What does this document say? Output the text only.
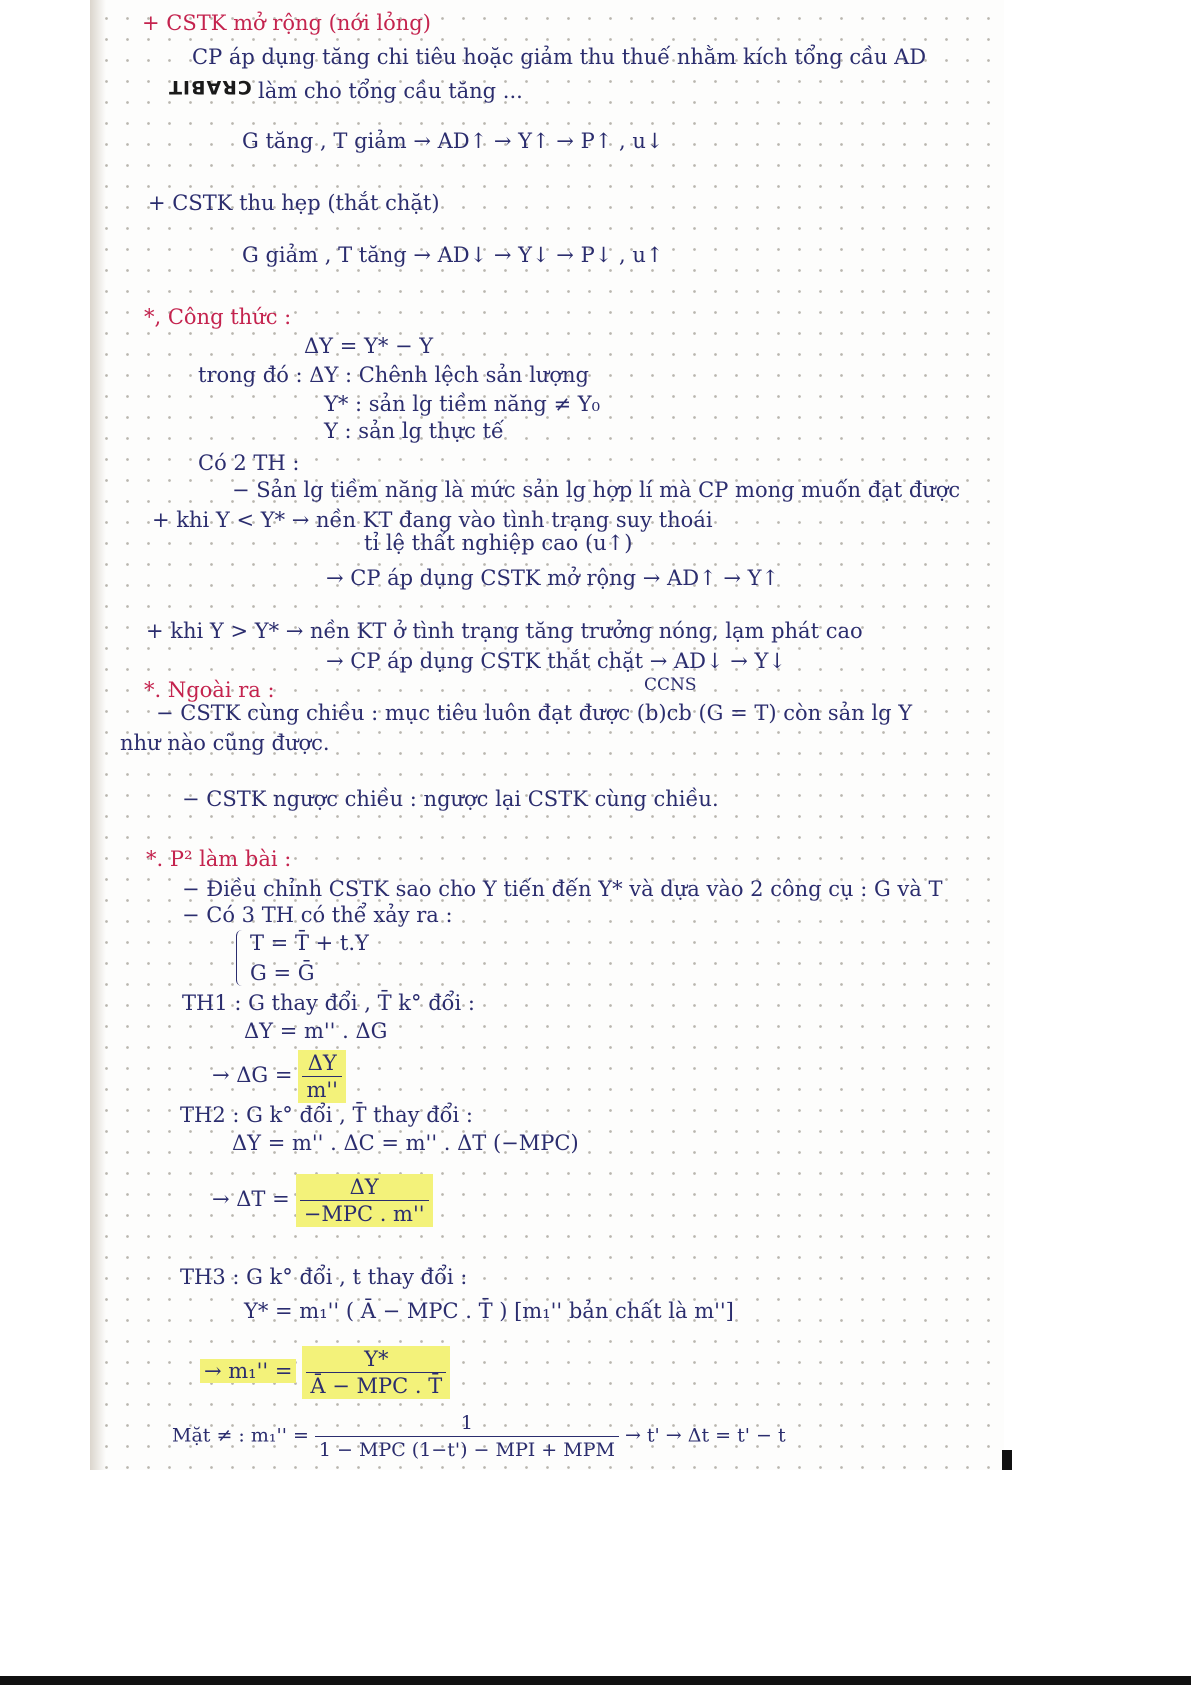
CRABIT
+ CSTK mở rộng (nới lỏng)
CP áp dụng tăng chi tiêu hoặc giảm thu thuế nhằm kích tổng cầu AD
làm cho tổng cầu tăng ...
G tăng , T giảm → AD↑ → Y↑ → P↑ , u↓
+ CSTK thu hẹp (thắt chặt)
G giảm , T tăng → AD↓ → Y↓ → P↓ , u↑
*, Công thức :
ΔY = Y* − Y
trong đó : ΔY : Chênh lệch sản lượng
Y* : sản lg tiềm năng ≠ Y₀
Y : sản lg thực tế
Có 2 TH :
− Sản lg tiềm năng là mức sản lg hợp lí mà CP mong muốn đạt được
+ khi Y < Y* → nền KT đang vào tình trạng suy thoái
tỉ lệ thất nghiệp cao (u↑)
→ CP áp dụng CSTK mở rộng → AD↑ → Y↑
+ khi Y > Y* → nền KT ở tình trạng tăng trưởng nóng, lạm phát cao
→ CP áp dụng CSTK thắt chặt → AD↓ → Y↓
*. Ngoài ra :	CCNS
− CSTK cùng chiều : mục tiêu luôn đạt được (b)cb (G = T) còn sản lg Y
như nào cũng được.
− CSTK ngược chiều : ngược lại CSTK cùng chiều.
*. P² làm bài :
− Điều chỉnh CSTK sao cho Y tiến đến Y* và dựa vào 2 công cụ : G và T
− Có 3 TH có thể xảy ra :
T = T̄ + t.Y
G = Ḡ
TH1 : G thay đổi , T̄ k° đổi :
ΔY = m'' . ΔG
→ $\Delta G = \frac{\Delta Y}{m''}$
TH2 : G k° đổi , T̄ thay đổi :
ΔY = m'' . ΔC = m'' . ΔT (−MPC)
→ $\Delta T = \frac{\Delta Y}{\text{−MPC . m''}}$
TH3 : G k° đổi , t thay đổi :
Y* = m₁'' ( Ā − MPC . T̄ ) [m₁'' bản chất là m'']
→ $m_1'' = \frac{Y*}{\text{Ā − MPC . T̄}}$
Mặt ≠ : $m_1'' = \frac{1}{\text{1 − MPC (1−t') − MPI + MPM}} \to t' \to \Delta t = t' - t$
